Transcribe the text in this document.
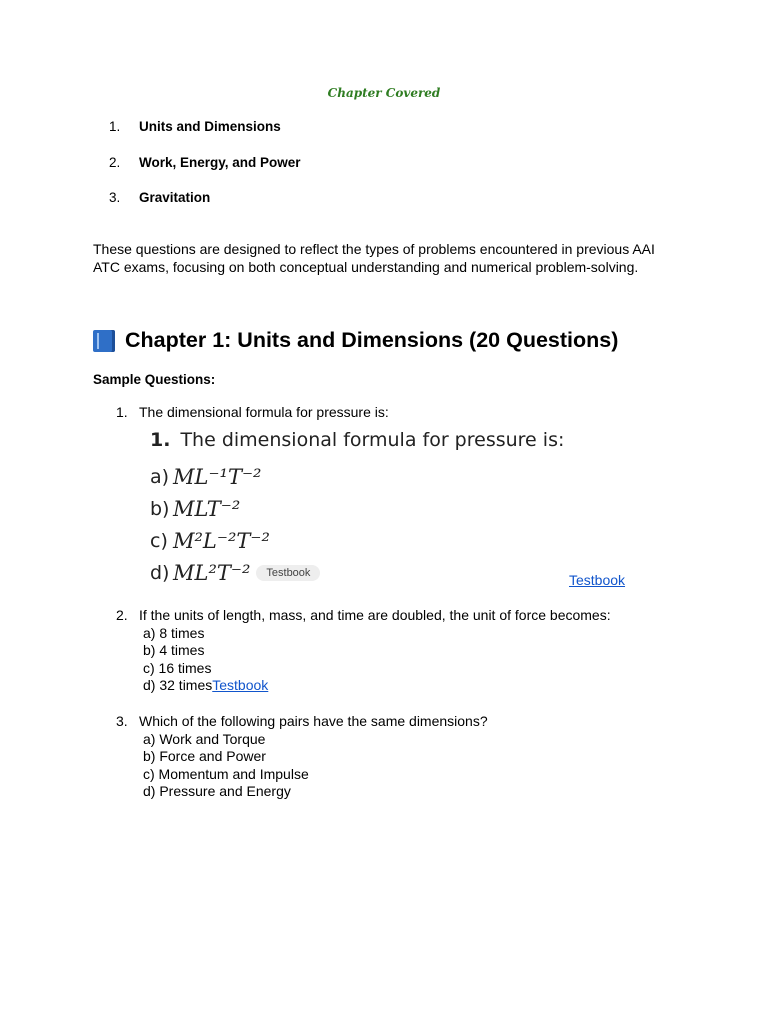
Chapter Covered
1.	Units and Dimensions
2.	Work, Energy, and Power
3.	Gravitation
These questions are designed to reflect the types of problems encountered in previous AAI ATC exams, focusing on both conceptual understanding and numerical problem-solving.
Chapter 1: Units and Dimensions (20 Questions)
Sample Questions:
1. The dimensional formula for pressure is:
1. The dimensional formula for pressure is:
a) ML⁻¹T⁻²
b) MLT⁻²
c) M²L⁻²T⁻²
d) ML²T⁻²	Testbook	Testbook
2. If the units of length, mass, and time are doubled, the unit of force becomes:
a) 8 times
b) 4 times
c) 16 times
d) 32 timesTestbook
3. Which of the following pairs have the same dimensions?
a) Work and Torque
b) Force and Power
c) Momentum and Impulse
d) Pressure and Energy
